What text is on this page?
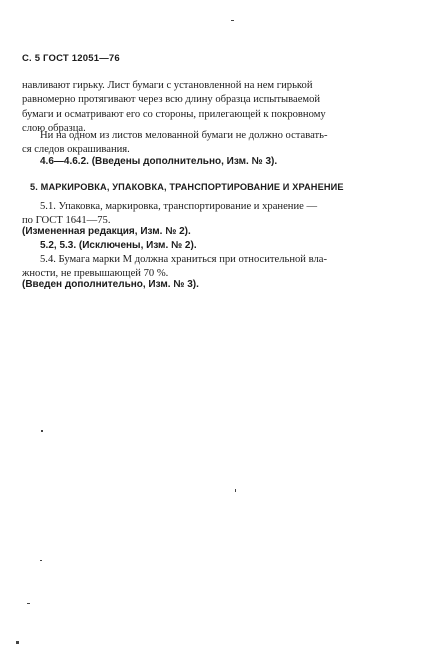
С. 5 ГОСТ 12051—76
навливают гирьку. Лист бумаги с установленной на нем гирькой
равномерно протягивают через всю длину образца испытываемой
бумаги и осматривают его со стороны, прилегающей к покровному
слою образца.
Ни на одном из листов мелованной бумаги не должно оставать-
ся следов окрашивания.
4.6—4.6.2. (Введены дополнительно, Изм. № 3).
5. МАРКИРОВКА, УПАКОВКА, ТРАНСПОРТИРОВАНИЕ И ХРАНЕНИЕ
5.1. Упаковка, маркировка, транспортирование и хранение —
по ГОСТ 1641—75.
(Измененная редакция, Изм. № 2).
5.2, 5.3. (Исключены, Изм. № 2).
5.4. Бумага марки М должна храниться при относительной вла-
жности, не превышающей 70 %.
(Введен дополнительно, Изм. № 3).
